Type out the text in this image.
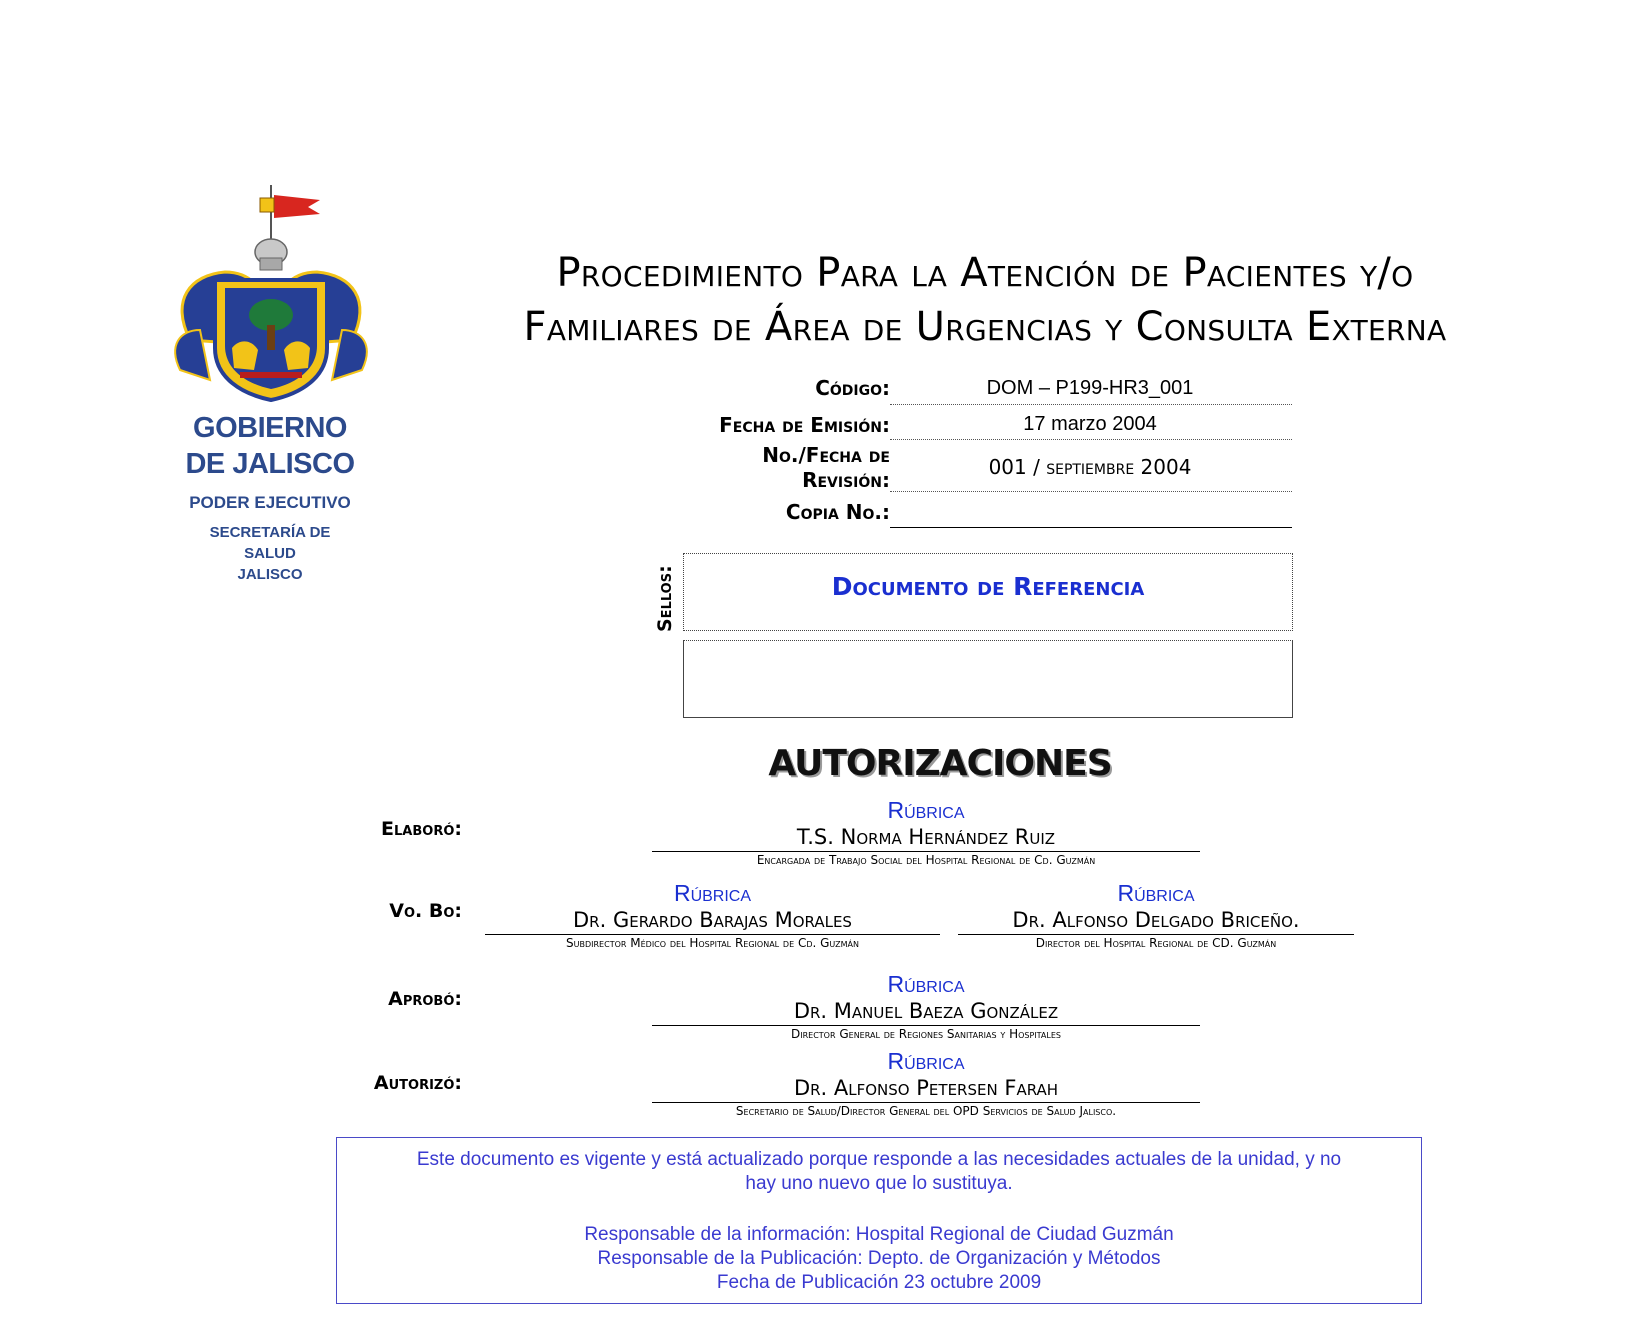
GOBIERNO
DE JALISCO
PODER EJECUTIVO
SECRETARÍA DE
SALUD
JALISCO
Procedimiento Para la Atención de Pacientes y/o
Familiares de Área de Urgencias y Consulta Externa
Código:	DOM – P199-HR3_001
Fecha de Emisión:	17 marzo 2004
No./Fecha de
Revisión:
001 / septiembre 2004
Copia No.:
Sellos:	Documento de Referencia
AUTORIZACIONES
Elaboró:
Rúbrica
T.S. Norma Hernández Ruiz
Encargada de Trabajo Social del Hospital Regional de Cd. Guzmán
Vo. Bo:
Rúbrica
Dr. Gerardo Barajas Morales
Subdirector Médico del Hospital Regional de Cd. Guzmán
Rúbrica
Dr. Alfonso Delgado Briceño.
Director del Hospital Regional de CD. Guzmán
Aprobó:
Rúbrica
Dr. Manuel Baeza González
Director General de Regiones Sanitarias y Hospitales
Autorizó:
Rúbrica
Dr. Alfonso Petersen Farah
Secretario de Salud/Director General del OPD Servicios de Salud Jalisco.
Este documento es vigente y está actualizado porque responde a las necesidades actuales de la unidad, y no
hay uno nuevo que lo sustituya.
Responsable de la información: Hospital Regional de Ciudad Guzmán
Responsable de la Publicación: Depto. de Organización y Métodos
Fecha de Publicación 23 octubre 2009
